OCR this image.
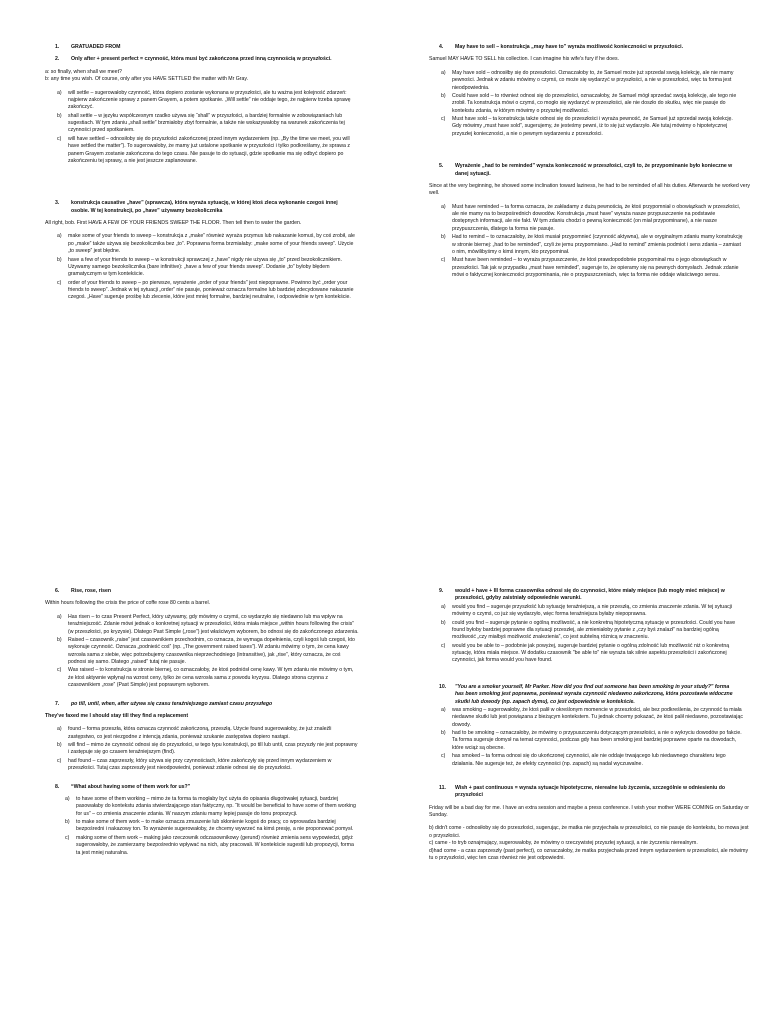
1.	GRATUADED FROM
2.	Only after + present perfect = czynność, która musi być zakończona przed inną czynnością w przyszłości.
a: so finally, when shall we meet?
b: any time you wish. Of course, only after you HAVE SETTLED the matter with Mr Gray.
a)	will settle – sugerowałoby czynność, która dopiero zostanie wykonana w przyszłości, ale tu ważna jest kolejność zdarzeń: najpierw zakończenie sprawy z panem Grayem, a potem spotkanie. „Will settle” nie oddaje tego, że najpierw trzeba sprawę zakończyć.
b)	shall settle – w języku współczesnym rzadko używa się “shall” w przyszłości, a bardziej formalnie w zobowiązaniach lub sugestiach. W tym zdaniu „shall settle” brzmiałoby zbyt formalnie, a także nie wskazywałoby na warunek zakończenia tej czynności przed spotkaniem.
c)	will have settled – odnosiłoby się do przyszłości zakończonej przed innym wydarzeniem (np. „By the time we meet, you will have settled the matter”). To sugerowałoby, że mamy już ustalone spotkanie w przyszłości i tylko podkreślamy, że sprawa z panem Grayem zostanie zakończona do tego czasu. Nie pasuje to do sytuacji, gdzie spotkanie ma się odbyć dopiero po zakończeniu tej sprawy, a nie jest jeszcze zaplanowane.
3.	konstrukcja causative „have” (sprawcza), która wyraża sytuację, w której ktoś zleca wykonanie czegoś innej osobie. W tej konstrukcji, po „have” używamy bezokolicznika
All right, bob. First HAVE A FEW OF YOUR FRIENDS SWEEP THE FLOOR. Then tell then to water the garden.
a)	make some of your friends to sweep – konstrukcja z „make” również wyraża przymus lub nakazanie komuś, by coś zrobił, ale po „make” także używa się bezokolicznika bez „to”. Poprawna forma brzmiałaby: „make some of your friends sweep”. Użycie „to sweep” jest błędne.
b)	have a few of your friends to sweep – w konstrukcji sprawczej z „have” nigdy nie używa się „to” przed bezokolicznikiem. Używamy samego bezokolicznika (bare infinitive): „have a few of your friends sweep”. Dodanie „to” byłoby błędem gramatycznym w tym kontekście.
c)	order of your friends to sweep – po pierwsze, wyrażenie „order of your friends” jest niepoprawne. Powinno być „order your friends to sweep”. Jednak w tej sytuacji „order” nie pasuje, ponieważ oznacza formalne lub bardziej zdecydowane nakazanie czegoś. „Have” sugeruje prośbę lub zlecenie, które jest mniej formalne, bardziej neutralne, i odpowiednie w tym kontekście.
4.	May have to sell – konstrukcja „may have to” wyraża możliwość konieczności w przyszłości.
Samuel MAY HAVE TO SELL his collection. I can imagine his wife's fury if he does.
a)	May have sold – odnosiłby się do przeszłości. Oznaczałoby to, że Samuel może już sprzedał swoją kolekcję, ale nie mamy pewności. Jednak w zdaniu mówimy o czymś, co może się wydarzyć w przyszłości, a nie w przeszłości, więc ta forma jest nieodpowiednia.
b)	Could have sold – to również odnosi się do przeszłości, oznaczałoby, że Samuel mógł sprzedać swoją kolekcję, ale tego nie zrobił. Ta konstrukcja mówi o czymś, co mogło się wydarzyć w przeszłości, ale nie doszło do skutku, więc nie pasuje do kontekstu zdania, w którym mówimy o przyszłej możliwości.
c)	Must have sold – ta konstrukcja także odnosi się do przeszłości i wyraża pewność, że Samuel już sprzedał swoją kolekcję. Gdy mówimy „must have sold”, sugerujemy, że jesteśmy pewni, iż to się już wydarzyło. Ale tutaj mówimy o hipotetycznej przyszłej konieczności, a nie o pewnym wydarzeniu z przeszłości.
5.	Wyrażenie „had to be reminded” wyraża konieczność w przeszłości, czyli to, że przypominanie było konieczne w danej sytuacji.
Since at the very beginning, he showed some inclination toward laziness, he had to be reminded of all his duties. Afterwards he worked very well.
a)	Must have reminded – ta forma oznacza, że zakładamy z dużą pewnością, że ktoś przypomniał o obowiązkach w przeszłości, ale nie mamy na to bezpośrednich dowodów. Konstrukcja „must have” wyraża nasze przypuszczenie na podstawie dostępnych informacji, ale nie fakt. W tym zdaniu chodzi o pewną konieczność (on miał przypominane), a nie nasze przypuszczenia, dlatego ta forma nie pasuje.
b)	Had to remind – to oznaczałoby, że ktoś musiał przypomnieć (czynność aktywna), ale w oryginalnym zdaniu mamy konstrukcję w stronie biernej: „had to be reminded”, czyli że jemu przypomniano. „Had to remind” zmienia podmiot i sens zdania – zamiast o nim, mówilibyśmy o kimś innym, kto przypominał.
c)	Must have been reminded – to wyraża przypuszczenie, że ktoś prawdopodobnie przypominał mu o jego obowiązkach w przeszłości. Tak jak w przypadku „must have reminded”, sugeruje to, że opieramy się na pewnych domysłach. Jednak zdanie mówi o faktycznej konieczności przypominania, nie o przypuszczeniach, więc ta forma nie oddaje właściwego sensu.
6.	Rise, rose, risen
Within hours following the crisis the price of coffe rose 80 cents a barrel.
a)	Has risen – to czas Present Perfect, który używamy, gdy mówimy o czymś, co wydarzyło się niedawno lub ma wpływ na teraźniejszość. Zdanie mówi jednak o konkretnej sytuacji w przeszłości, która miała miejsce „within hours following the crisis” (w przeszłości, po kryzysie). Dlatego Past Simple („rose”) jest właściwym wyborem, bo odnosi się do zakończonego zdarzenia.
b)	Raised – czasownik „raise” jest czasownikiem przechodnim, co oznacza, że wymaga dopełnienia, czyli kogoś lub czegoś, kto wykonuje czynność. Oznacza „podnieść coś” (np. „The government raised taxes”). W zdaniu mówimy o tym, że cena kawy wzrosła sama z siebie, więc potrzebujemy czasownika nieprzechodniego (intransitive), jak „rise”, który oznacza, że coś podnosi się samo. Dlatego „raised” tutaj nie pasuje.
c)	Was raised – to konstrukcja w stronie biernej, co oznaczałoby, że ktoś podniósł cenę kawy. W tym zdaniu nie mówimy o tym, że ktoś aktywnie wpłynął na wzrost ceny, tylko że cena wzrosła sama z powodu kryzysu. Dlatego strona czynna z czasownikiem „rose” (Past Simple) jest poprawnym wyborem.
7.	po till, until, when, after używa się czasu teraźniejszego zamiast czasu przyszłego
They've faxed me I should stay till they find a replacement
a)	found – forma przeszła, która oznacza czynność zakończoną, przeszłą. Użycie found sugerowałoby, że już znaleźli zastępstwo, co jest niezgodne z intencją zdania, ponieważ szukanie zastępstwa dopiero nastąpi.
b)	will find – mimo że czynność odnosi się do przyszłości, w tego typu konstrukcji, po till lub until, czas przyszły nie jest poprawny i zastępuje się go czasem teraźniejszym (find).
c)	had found – czas zaprzeszły, który używa się przy czynnościach, które zakończyły się przed innym wydarzeniem w przeszłości. Tutaj czas zaprzeszły jest nieodpowiedni, ponieważ zdanie odnosi się do przyszłości.
8.	“What about having some of them work for us?”
a)	to have some of them working – mimo że ta forma ta mogłaby być użyta do opisania długotrwałej sytuacji, bardziej pasowałaby do kontekstu zdania stwierdzającego stan faktyczny, np. “It would be beneficial to have some of them working for us” – co zmienia znaczenie zdania. W naszym zdaniu mamy lepiej pasuje do tonu propozycji.
b)	to make some of them work – to make oznacza zmuszenie lub skłonienie kogoś do pracy, co wprowadza bardziej bezpośredni i nakazowy ton. To wyrażenie sugerowałoby, że chcemy wywrzeć na kimś presję, a nie proponować pomysł.
c)	making some of them work – making jako rzeczownik odczasownikowy (gerund) również zmienia sens wypowiedzi, gdyż sugerowałoby, że zamierzamy bezpośrednio wpływać na nich, aby pracowali. W kontekście sugestii lub propozycji, forma ta jest mniej naturalna.
9.	would + have + III forma czasownika odnosi się do czynności, które miały miejsce (lub mogły mieć miejsce) w przeszłości, gdyby zaistniały odpowiednie warunki.
a)	would you find – sugeruje przyszłość lub sytuację teraźniejszą, a nie przeszłą, co zmienia znaczenie zdania. W tej sytuacji mówimy o czymś, co już się wydarzyło, więc forma teraźniejsza byłaby niepoprawna.
b)	could you find – sugeruje pytanie o ogólną możliwość, a nie konkretną hipotetyczną sytuację w przeszłości. Could you have found byłoby bardziej poprawne dla sytuacji przeszłej, ale zmieniałoby pytanie z „czy byś znalazł” na bardziej ogólną możliwość „czy miałbyś możliwość znalezienia”, co jest subtelną różnicą w znaczeniu.
c)	would you be able to – podobnie jak powyżej, sugeruje bardziej pytanie o ogólną zdolność lub możliwość niż o konkretną sytuację, która miała miejsce. W dodatku czasownik "be able to" nie wyraża tak silnie aspektu przeszłości i zakończonej czynności, jak forma would you have found.
10.	"You are a smoker yourself, Mr Parker. How did you find out someone has been smoking in your study?" forma has been smoking jest poprawna, ponieważ wyraża czynność niedawno zakończoną, która pozostawia widoczne skutki lub dowody (np. zapach dymu), co jest odpowiednie w kontekście.
a)	was smoking – sugerowałoby, że ktoś palił w określonym momencie w przeszłości, ale bez podkreślenia, że czynność ta miała niedawne skutki lub jest powiązana z bieżącym kontekstem. Tu jednak chcemy pokazać, że ktoś palił niedawno, pozostawiając dowody.
b)	had to be smoking – oznaczałoby, że mówimy o przypuszczeniu dotyczącym przeszłości, a nie o wykryciu dowodów po fakcie. Ta forma sugeruje domysł na temat czynności, podczas gdy has been smoking jest bardziej poprawne oparte na dowodach, które wciąż są obecne.
c)	has smoked – ta forma odnosi się do ukończonej czynności, ale nie oddaje trwającego lub niedawnego charakteru tego działania. Nie sugeruje też, że efekty czynności (np. zapach) są nadal wyczuwalne.
11.	Wish + past continuous = wyraża sytuacje hipotetyczne, nierealne lub życzenia, szczególnie w odniesieniu do przyszłości
Friday will be a bad day for me. I have an extra session and maybe a press conference. I wish your mother WERE COMING on Saturday or Sunday.
b) didn't come - odnosiłoby się do przeszłości, sugerując, że matka nie przyjechała w przeszłości, co nie pasuje do kontekstu, bo mowa jest o przyszłości.
c) came - to tryb oznajmujący, sugerowałoby, że mówimy o rzeczywistej przyszłej sytuacji, a nie życzeniu nierealnym.
d)had come - a czas zaprzeszły (past perfect), co oznaczałoby, że matka przyjechała przed innym wydarzeniem w przeszłości, ale mówimy tu o przyszłości, więc ten czas również nie jest odpowiedni.
